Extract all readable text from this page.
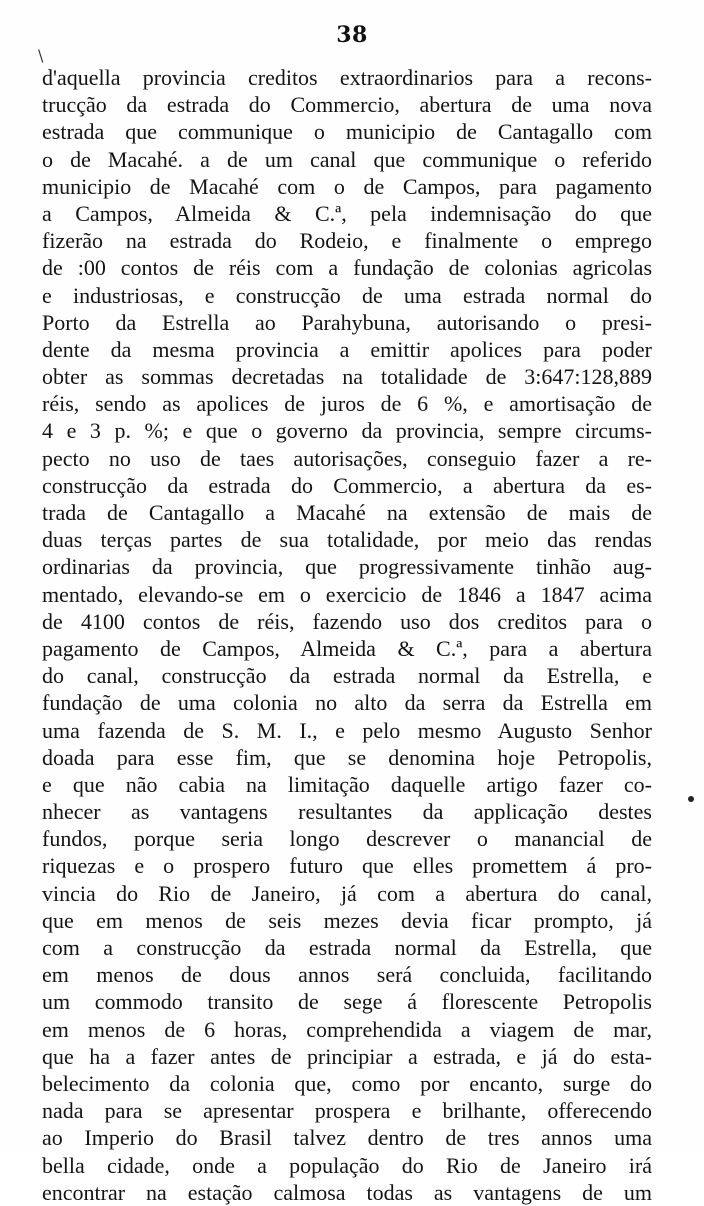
38
\
d'aquella provincia creditos extraordinarios para a recons-
trucção da estrada do Commercio, abertura de uma nova
estrada que communique o municipio de Cantagallo com
o de Macahé. a de um canal que communique o referido
municipio de Macahé com o de Campos, para pagamento
a Campos, Almeida & C.ª, pela indemnisação do que
fizerão na estrada do Rodeio, e finalmente o emprego
de :00 contos de réis com a fundação de colonias agricolas
e industriosas, e construcção de uma estrada normal do
Porto da Estrella ao Parahybuna, autorisando o presi-
dente da mesma provincia a emittir apolices para poder
obter as sommas decretadas na totalidade de 3:647:128,889
réis, sendo as apolices de juros de 6 %, e amortisação de
4 e 3 p. %; e que o governo da provincia, sempre circums-
pecto no uso de taes autorisações, conseguio fazer a re-
construcção da estrada do Commercio, a abertura da es-
trada de Cantagallo a Macahé na extensão de mais de
duas terças partes de sua totalidade, por meio das rendas
ordinarias da provincia, que progressivamente tinhão aug-
mentado, elevando-se em o exercicio de 1846 a 1847 acima
de 4100 contos de réis, fazendo uso dos creditos para o
pagamento de Campos, Almeida & C.ª, para a abertura
do canal, construcção da estrada normal da Estrella, e
fundação de uma colonia no alto da serra da Estrella em
uma fazenda de S. M. I., e pelo mesmo Augusto Senhor
doada para esse fim, que se denomina hoje Petropolis,
e que não cabia na limitação daquelle artigo fazer co-
nhecer as vantagens resultantes da applicação destes
fundos, porque seria longo descrever o manancial de
riquezas e o prospero futuro que elles promettem á pro-
vincia do Rio de Janeiro, já com a abertura do canal,
que em menos de seis mezes devia ficar prompto, já
com a construcção da estrada normal da Estrella, que
em menos de dous annos será concluida, facilitando
um commodo transito de sege á florescente Petropolis
em menos de 6 horas, comprehendida a viagem de mar,
que ha a fazer antes de principiar a estrada, e já do esta-
belecimento da colonia que, como por encanto, surge do
nada para se apresentar prospera e brilhante, offerecendo
ao Imperio do Brasil talvez dentro de tres annos uma
bella cidade, onde a população do Rio de Janeiro irá
encontrar na estação calmosa todas as vantagens de um
